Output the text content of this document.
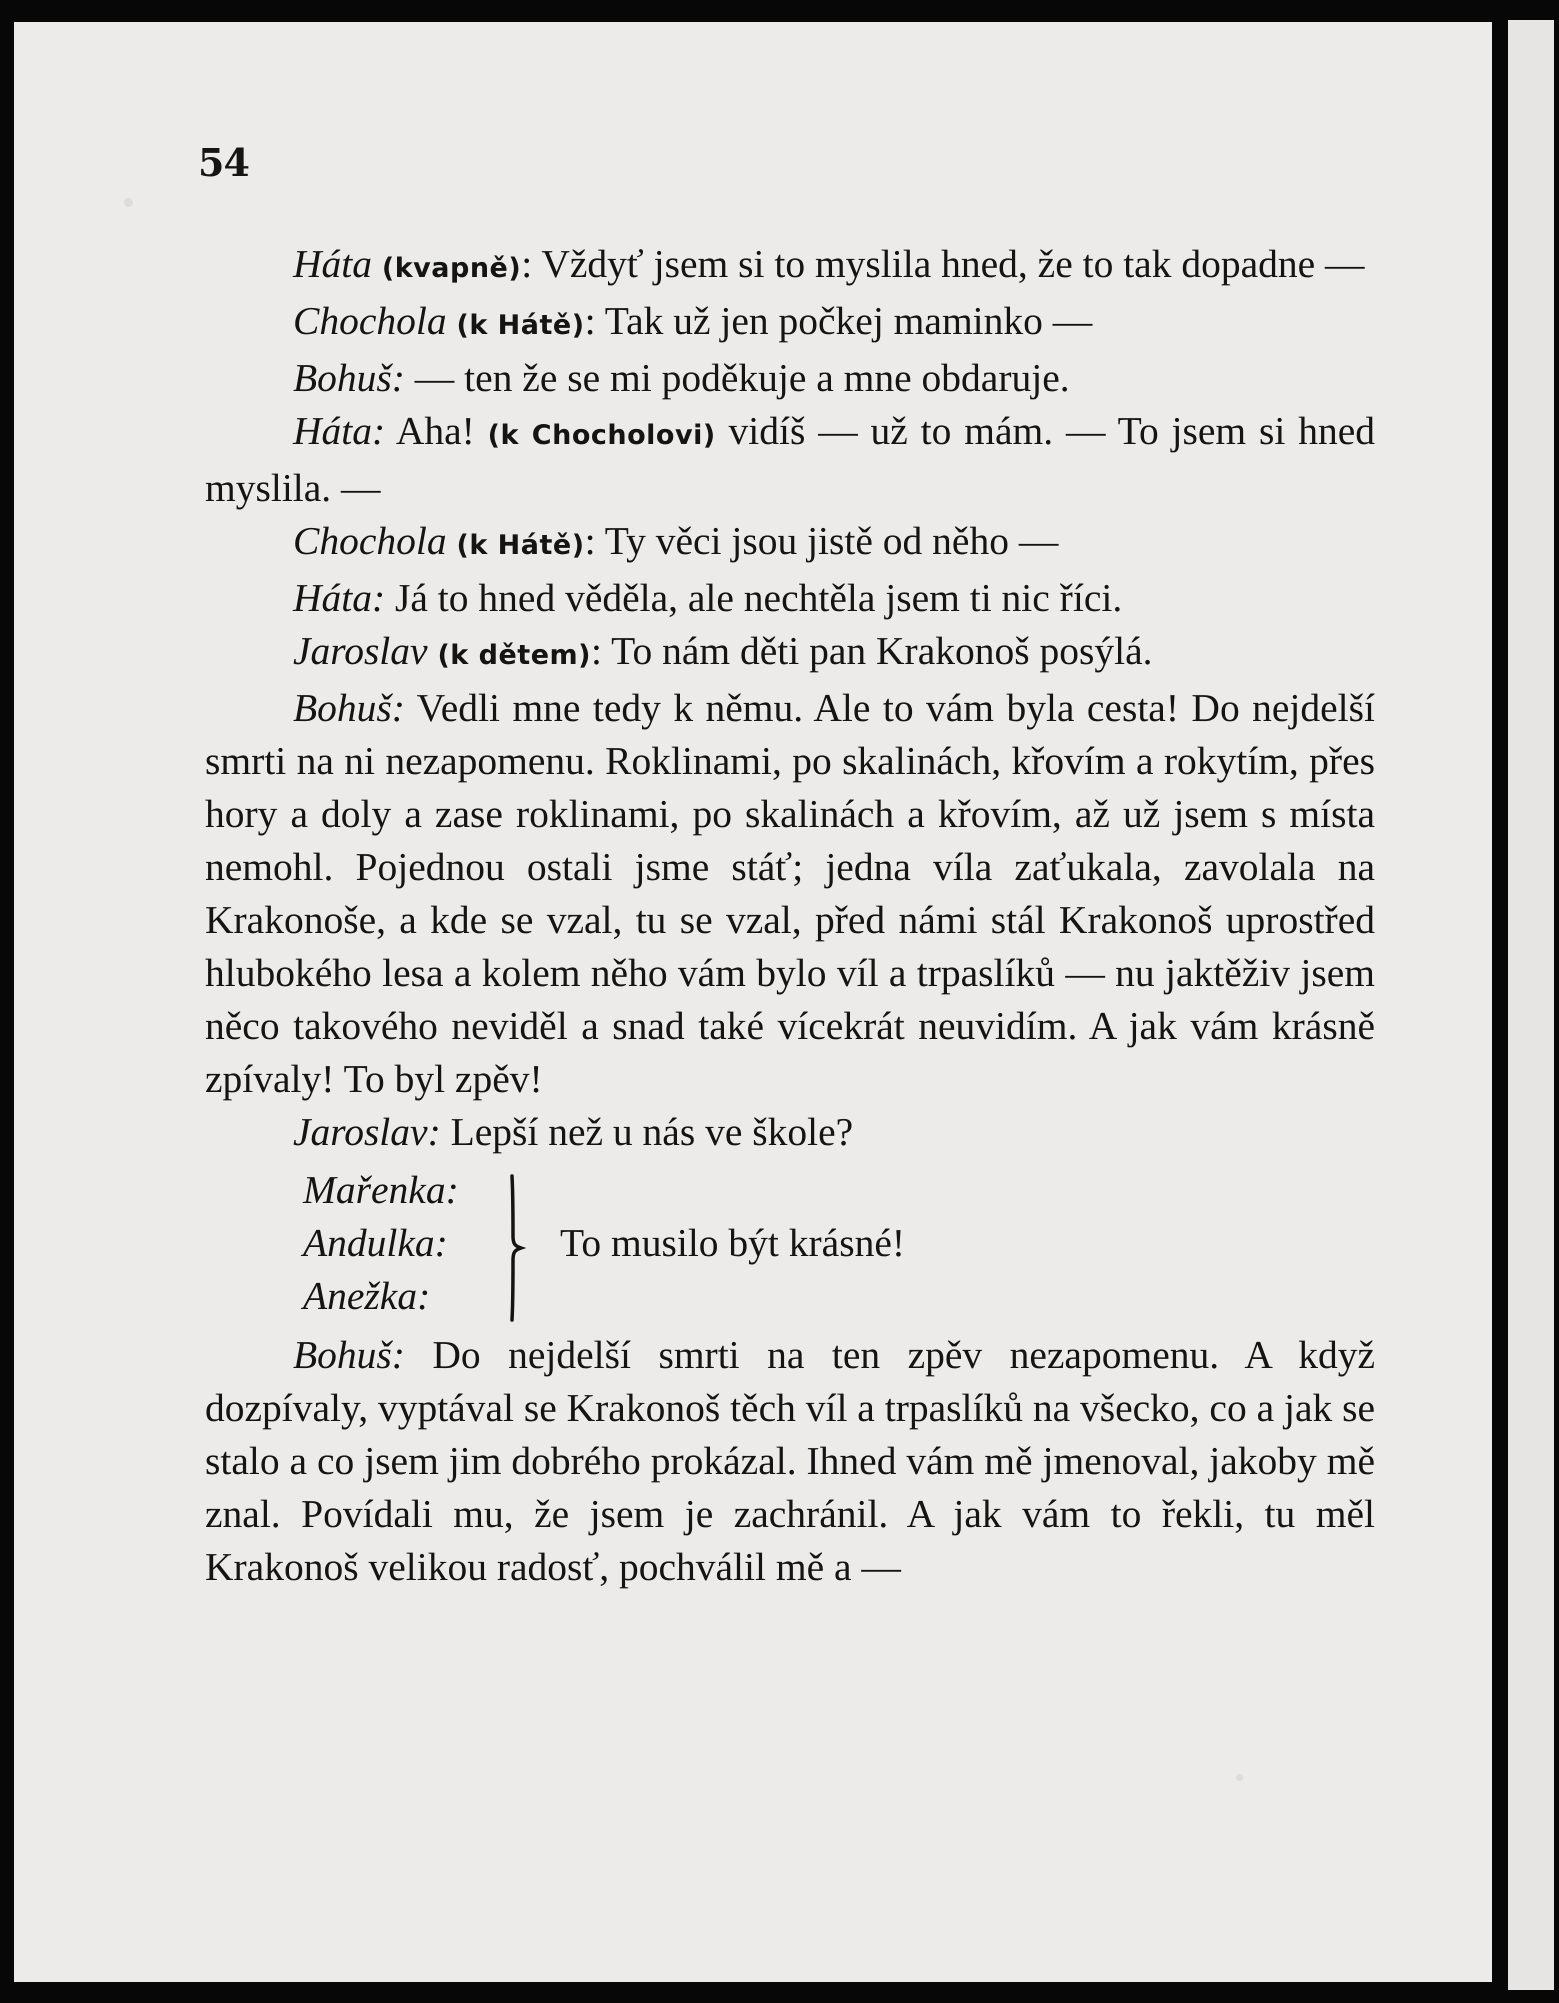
54

Háta (kvapně): Vždyť jsem si to myslila hned, že to tak dopadne —

Chochola (k Hátě): Tak už jen počkej maminko —

Bohuš: — ten že se mi poděkuje a mne obdaruje.

Háta: Aha! (k Chocholovi) vidíš — už to mám. — To jsem si hned myslila. —

Chochola (k Hátě): Ty věci jsou jistě od něho —

Háta: Já to hned věděla, ale nechtěla jsem ti nic říci.

Jaroslav (k dětem): To nám děti pan Krakonoš posýlá.

Bohuš: Vedli mne tedy k němu. Ale to vám byla cesta! Do nejdelší smrti na ni nezapomenu. Roklinami, po skalinách, křovím a rokytím, přes hory a doly a zase roklinami, po skalinách a křovím, až už jsem s místa nemohl. Pojednou ostali jsme stáť; jedna víla zaťukala, zavolala na Krakonoše, a kde se vzal, tu se vzal, před námi stál Krakonoš uprostřed hlubokého lesa a kolem něho vám bylo víl a trpaslíků — nu jaktěživ jsem něco takového neviděl a snad také vícekrát neuvidím. A jak vám krásně zpívaly! To byl zpěv!

Jaroslav: Lepší než u nás ve škole?

Mařenka:
Andulka:
Anežka:
To musilo být krásné!

Bohuš: Do nejdelší smrti na ten zpěv nezapomenu. A když dozpívaly, vyptával se Krakonoš těch víl a trpaslíků na všecko, co a jak se stalo a co jsem jim dobrého prokázal. Ihned vám mě jmenoval, jakoby mě znal. Povídali mu, že jsem je zachránil. A jak vám to řekli, tu měl Krakonoš velikou radosť, pochválil mě a —
